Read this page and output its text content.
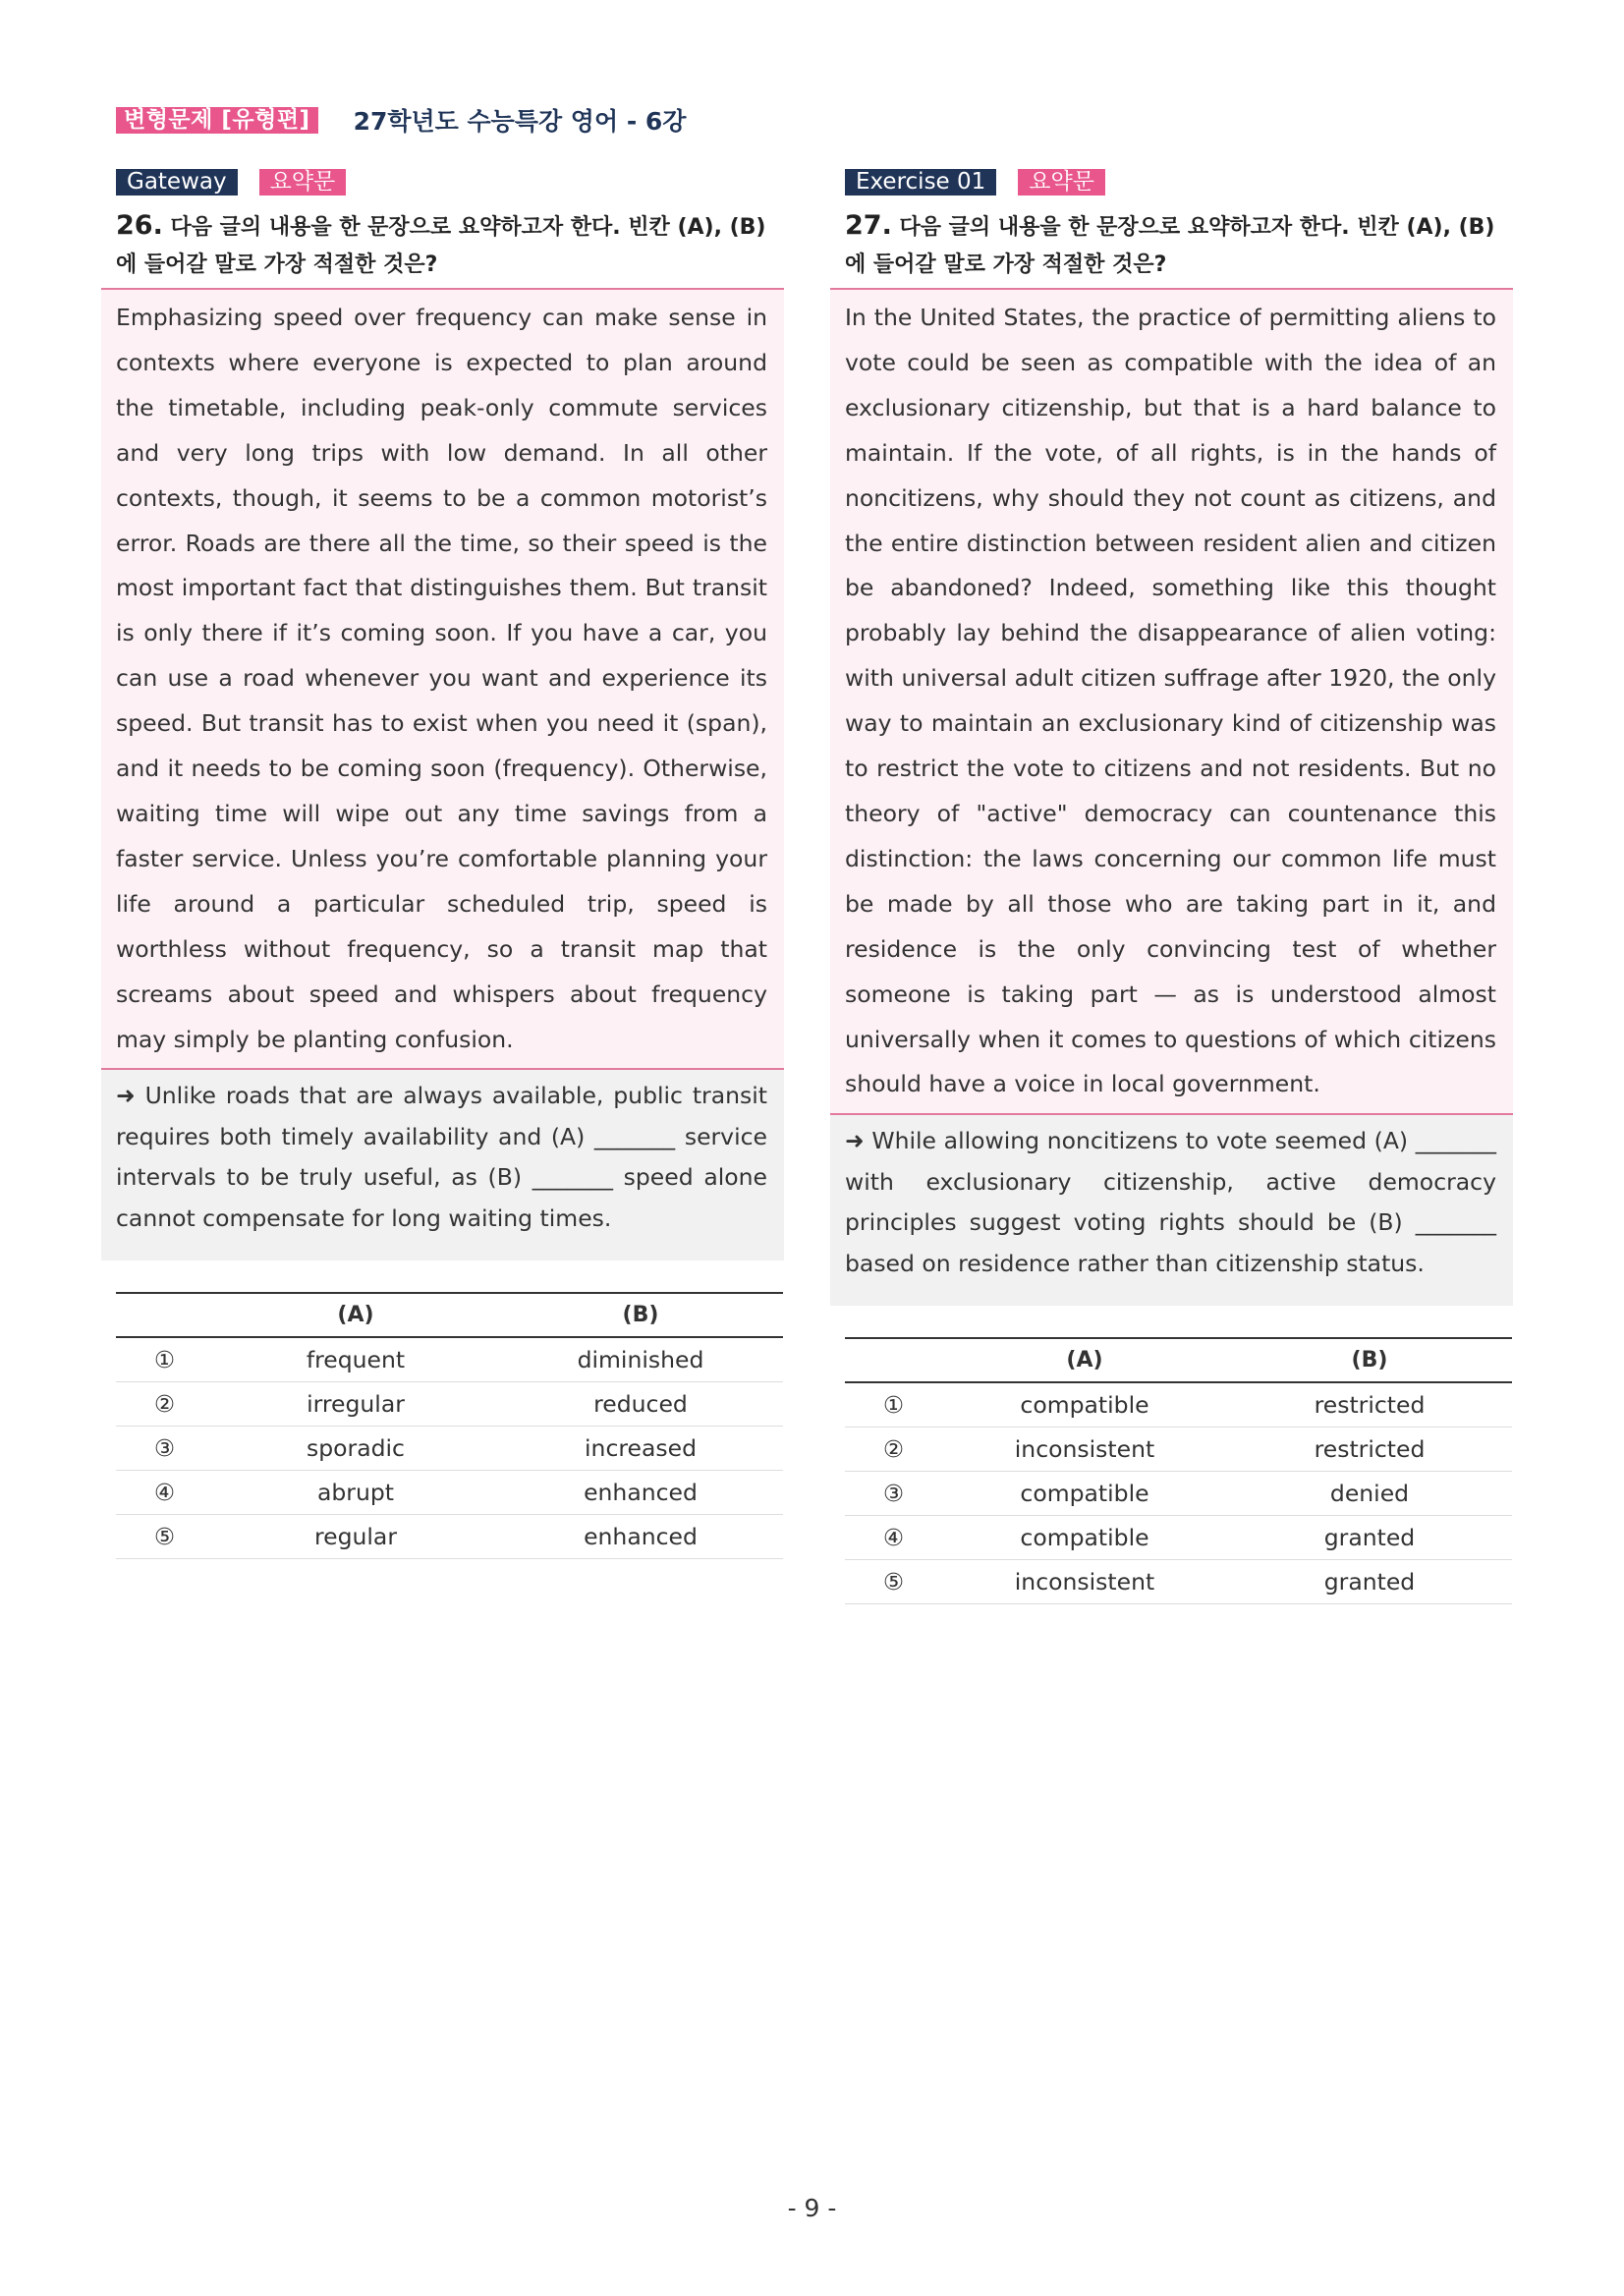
변형문제 [유형편]	27학년도 수능특강 영어 - 6강
Gateway	요약문
26. 다음 글의 내용을 한 문장으로 요약하고자 한다. 빈칸 (A), (B)에 들어갈 말로 가장 적절한 것은?
Emphasizing speed over frequency can make sense in contexts where everyone is expected to plan around the timetable, including peak-only commute services and very long trips with low demand. In all other contexts, though, it seems to be a common motorist’s error. Roads are there all the time, so their speed is the most important fact that distinguishes them. But transit is only there if it’s coming soon. If you have a car, you can use a road whenever you want and experience its speed. But transit has to exist when you need it (span), and it needs to be coming soon (frequency). Otherwise, waiting time will wipe out any time savings from a faster service. Unless you’re comfortable planning your life around a particular scheduled trip, speed is worthless without frequency, so a transit map that screams about speed and whispers about frequency may simply be planting confusion.
➜ Unlike roads that are always available, public transit requires both timely availability and (A) _______ service intervals to be truly useful, as (B) _______ speed alone cannot compensate for long waiting times.
	(A)	(B)
①	frequent	diminished
②	irregular	reduced
③	sporadic	increased
④	abrupt	enhanced
⑤	regular	enhanced
Exercise 01	요약문
27. 다음 글의 내용을 한 문장으로 요약하고자 한다. 빈칸 (A), (B)에 들어갈 말로 가장 적절한 것은?
In the United States, the practice of permitting aliens to vote could be seen as compatible with the idea of an exclusionary citizenship, but that is a hard balance to maintain. If the vote, of all rights, is in the hands of noncitizens, why should they not count as citizens, and the entire distinction between resident alien and citizen be abandoned? Indeed, something like this thought probably lay behind the disappearance of alien voting: with universal adult citizen suffrage after 1920, the only way to maintain an exclusionary kind of citizenship was to restrict the vote to citizens and not residents. But no theory of "active" democracy can countenance this distinction: the laws concerning our common life must be made by all those who are taking part in it, and residence is the only convincing test of whether someone is taking part — as is understood almost universally when it comes to questions of which citizens should have a voice in local government.
➜ While allowing noncitizens to vote seemed (A) _______ with exclusionary citizenship, active democracy principles suggest voting rights should be (B) _______ based on residence rather than citizenship status.
	(A)	(B)
①	compatible	restricted
②	inconsistent	restricted
③	compatible	denied
④	compatible	granted
⑤	inconsistent	granted
- 9 -
